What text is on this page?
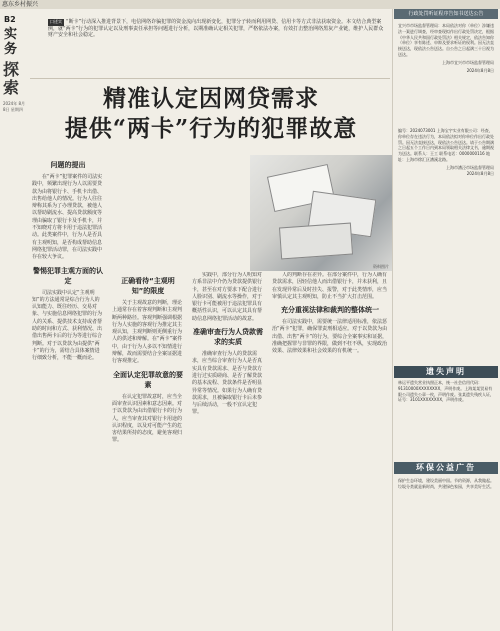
惠东乡村振兴
B2
实务
探索
2024年 8月8日 星期四
口述实 “断卡”行动深入推进背景下，电信网络诈骗犯罪的资金流向出现新变化，犯罪分子转而利用网贷、信用卡等方式非法获取资金。本文结合典型案例，就“两卡”行为的犯罪认定以及刑事责任承担等问题进行分析，以期准确认定相关犯罪，严格依法办案，有效打击整治网络黑灰产业链，维护人民群众财产安全和社会稳定。
精准认定因网贷需求
提供“两卡”行为的犯罪故意
资料图片
问题的提出

在“两卡”犯罪案件的司法实践中，频繁出现行为人以需要贷款为由将银行卡、手机卡出借、出售给他人的情况。行为人往往辩称其系为了办理贷款，被他人以帮助刷流水、提高贷款额度等理由骗取了银行卡及手机卡，并不知晓对方将卡用于违法犯罪活动。此类案件中，行为人是否具有主观明知，是否构成帮助信息网络犯罪活动罪，在司法实践中存在较大争议。

警惕犯罪主观方面的认定

司法实践中认定“主观明知”的方法通常是综合行为人的认知能力、既往经历、交易对象、与实施信息网络犯罪的行为人的关系、提供技术支持或者帮助的时间和方式、获利情况、出借出售两卡后的行为等进行综合判断。对于以贷款为由提供“两卡”的行为，需结合具体案情进行细致分析，不能一概而论。

正确看待“主观明知”的限度

关于主观故意的判断，理论上通常存在着客观判断和主观判断两种路径。客观判断强调根据行为人实施的客观行为推定其主观认知，主观判断则更侧重行为人的供述和辩解。在“两卡”案件中，由于行为人多以不知情进行辩解，故而需要结合全案证据进行客观推定。

全面认定犯罪故意的要素

在认定犯罪故意时，应当全面审查认识因素和意志因素。对于以贷款为由出借银行卡的行为人，应当审查其对银行卡用途的认识程度，以及对可能产生的危害结果所持的态度，避免客观归罪。

实践中，部分行为人明知对方系非法中介仍为贷款提供银行卡，甚至在对方要求下配合进行人脸识别、刷流水等操作，对于银行卡可能被用于违法犯罪具有概括性认识，可以认定其具有帮助信息网络犯罪活动的故意。

准确审查行为人贷款需求的实质

准确审查行为人的贷款需求，应当综合审查行为人是否真实具有贷款需求、是否与贷款方进行过实质磋商、是否了解贷款的基本流程、贷款条件是否明显异常等情况。如果行为人确有贷款需求，且被骗取银行卡后未参与后续活动，一般不宜认定犯罪。

人的判断存在差异。在部分案件中，行为人确有贷款需求，因轻信他人而出借银行卡，并未获利，且在发现异常后及时挂失、报警，对于此类情形，应当审慎认定其主观明知，防止不当扩大打击范围。

充分重视法律和裁判的整体统一

在司法实践中，需要统一法律适用标准，依法惩治“两卡”犯罪，确保罪责刑相适应。对于以贷款为由出借、出售“两卡”的行为，要综合全案事实和证据，准确把握罪与非罪的界限，做到不枉不纵，实现政治效果、法律效果和社会效果的有机统一。

行政处罚听证程序告知书送达公告
宜兴市市场监督管理局：本局依法对你（单位）涉嫌违法一案进行调查，经审查现拟作出行政处罚决定，根据《中华人民共和国行政处罚法》相关规定，依法告知你（单位）享有陈述、申辩及要求听证的权利。因无法直接送达，现依法公告送达。自公告之日起满三十日视为送达。
上海市宜兴市市场监督管理局
2024年8月8日
编号：2024073001 上海宝宇实业有限公司：经查，你单位存在违法行为，本局依法拟对你单位作出行政处罚。因无法直接送达，现依法公告送达。请于公告期满之日起五个工作日内到本局领取相关法律文书，逾期视为送达。联系人：王工 联系电话：0000000116 地址：上海市徐汇区漕溪北路。
上海市漕泾市场监督管理局
2024年8月8日
遗失声明
林运平遗失营业执照正本，统一社会信用代码：91310000XXXXXXXX，声明作废。上海某某贸易有限公司遗失公章一枚，声明作废。张某遗失残疾人证，证号：3101XXXXXXXX，声明作废。
环保公益广告
保护生态环境，建设美丽中国。节约资源，从我做起。垃圾分类就是新时尚，共建绿色家园，共享美好生活。
